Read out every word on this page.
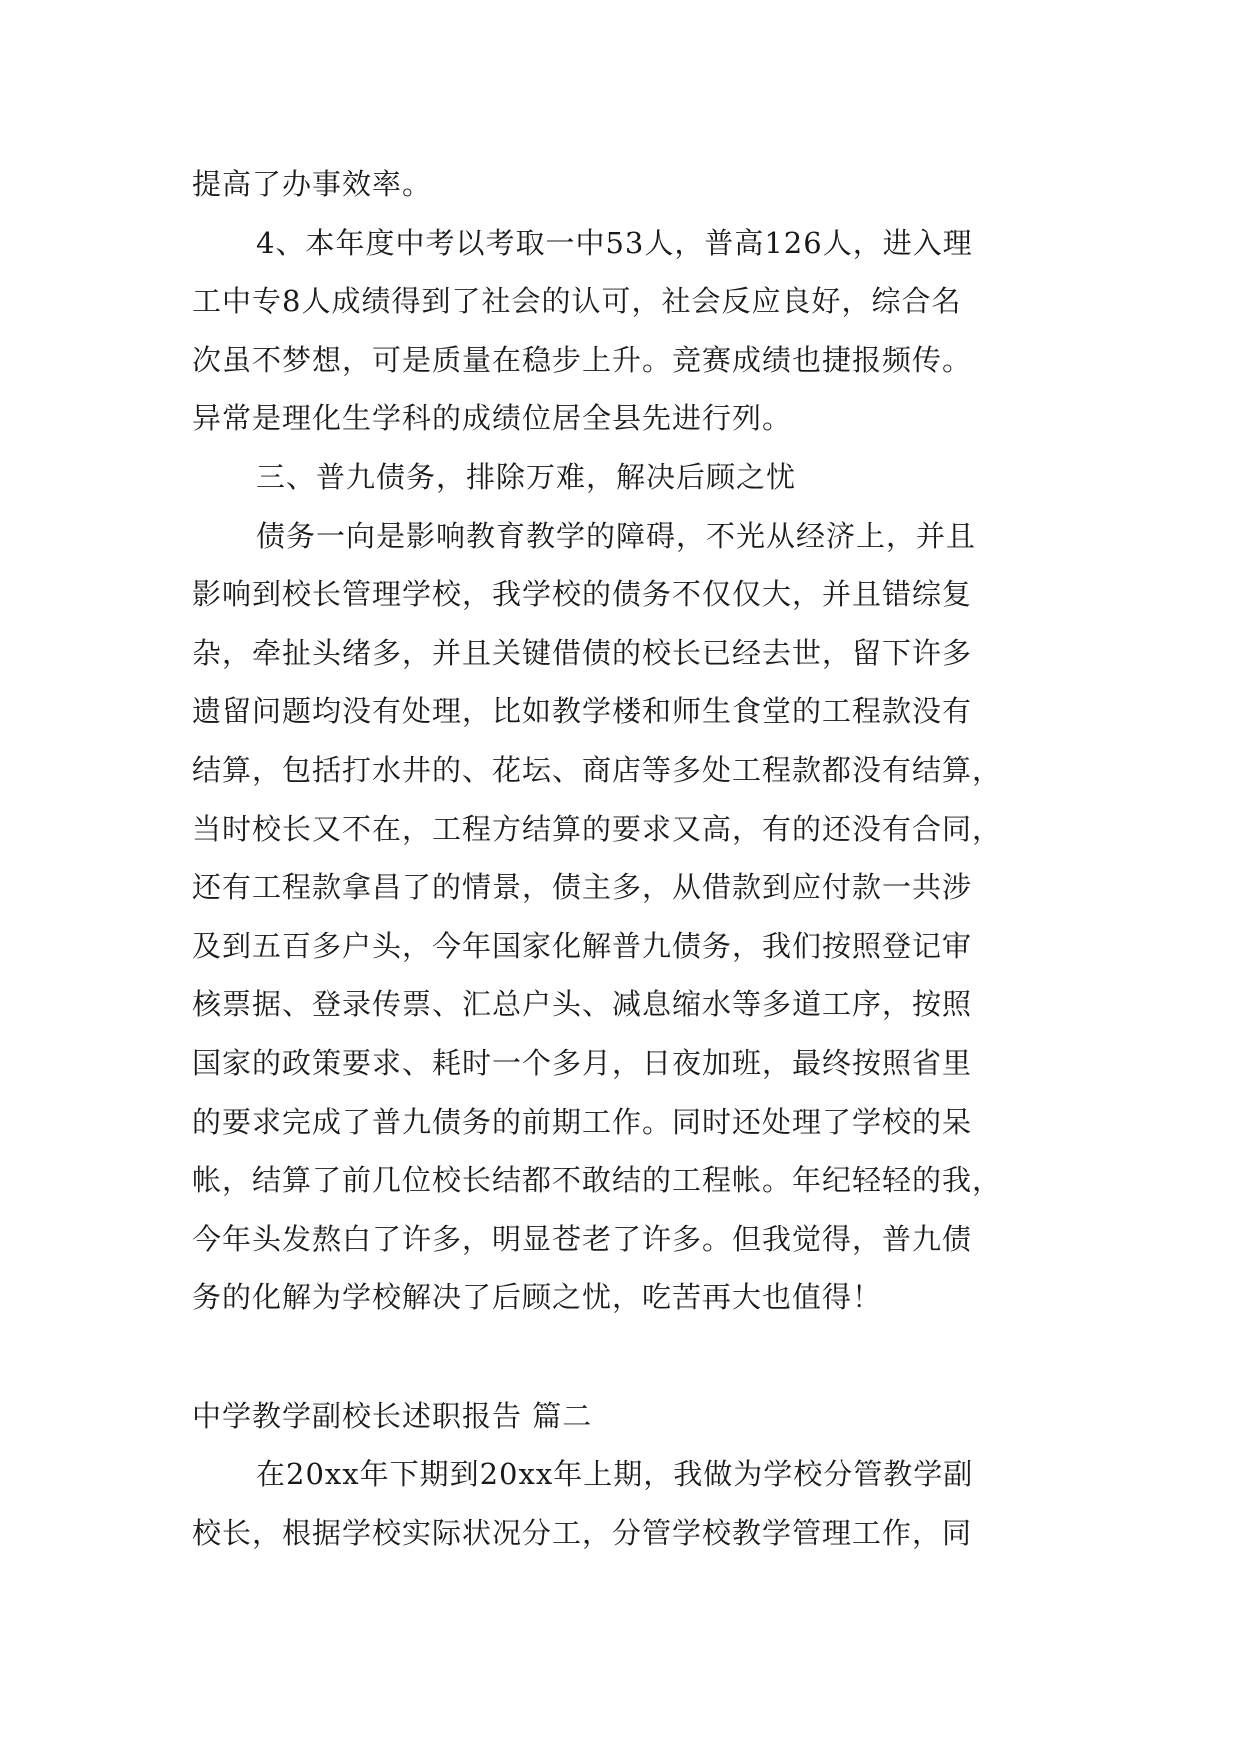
提高了办事效率。
4、本年度中考以考取一中53人，普高126人，进入理
工中专8人成绩得到了社会的认可，社会反应良好，综合名
次虽不梦想，可是质量在稳步上升。竞赛成绩也捷报频传。
异常是理化生学科的成绩位居全县先进行列。
三、普九债务，排除万难，解决后顾之忧
债务一向是影响教育教学的障碍，不光从经济上，并且
影响到校长管理学校，我学校的债务不仅仅大，并且错综复
杂，牵扯头绪多，并且关键借债的校长已经去世，留下许多
遗留问题均没有处理，比如教学楼和师生食堂的工程款没有
结算，包括打水井的、花坛、商店等多处工程款都没有结算，
当时校长又不在，工程方结算的要求又高，有的还没有合同，
还有工程款拿昌了的情景，债主多，从借款到应付款一共涉
及到五百多户头，今年国家化解普九债务，我们按照登记审
核票据、登录传票、汇总户头、减息缩水等多道工序，按照
国家的政策要求、耗时一个多月，日夜加班，最终按照省里
的要求完成了普九债务的前期工作。同时还处理了学校的呆
帐，结算了前几位校长结都不敢结的工程帐。年纪轻轻的我，
今年头发熬白了许多，明显苍老了许多。但我觉得，普九债
务的化解为学校解决了后顾之忧，吃苦再大也值得！
中学教学副校长述职报告 篇二
在20xx年下期到20xx年上期，我做为学校分管教学副
校长，根据学校实际状况分工，分管学校教学管理工作，同
